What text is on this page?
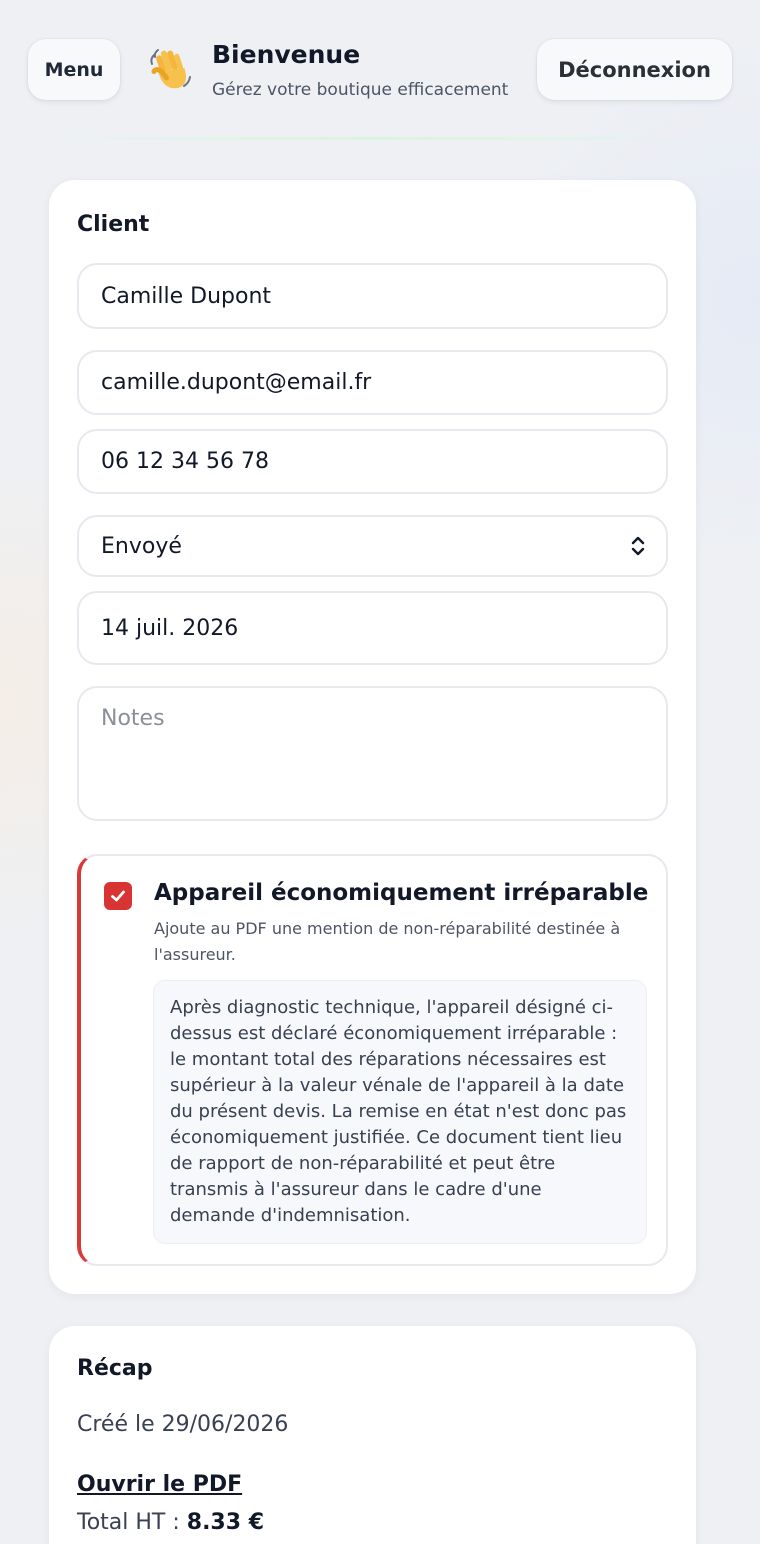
Menu
Bienvenue
Gérez votre boutique efficacement
Déconnexion
Client
Camille Dupont
camille.dupont@email.fr
06 12 34 56 78
Envoyé
14 juil. 2026
Notes
Appareil économiquement irréparable
Ajoute au PDF une mention de non-réparabilité destinée à l'assureur.
Après diagnostic technique, l'appareil désigné ci-dessus est déclaré économiquement irréparable : le montant total des réparations nécessaires est supérieur à la valeur vénale de l'appareil à la date du présent devis. La remise en état n'est donc pas économiquement justifiée. Ce document tient lieu de rapport de non-réparabilité et peut être transmis à l'assureur dans le cadre d'une demande d'indemnisation.
Récap
Créé le 29/06/2026
Ouvrir le PDF
Total HT : 8.33 €
